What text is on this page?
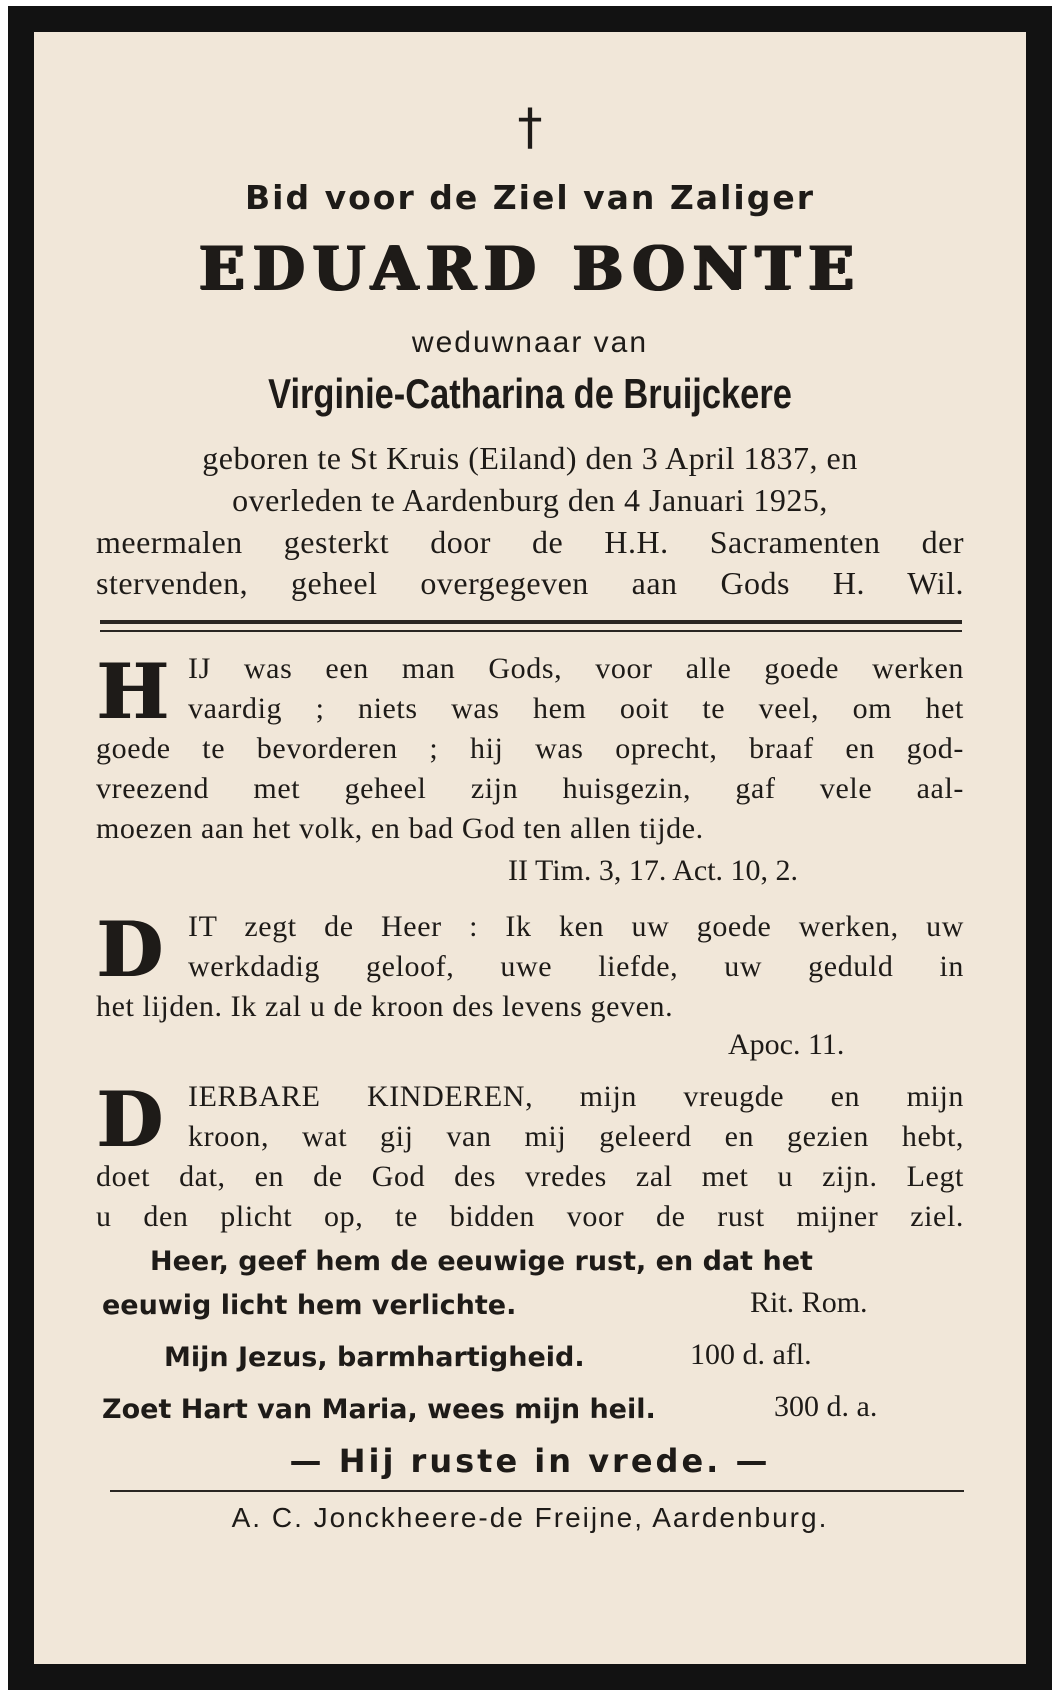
†
Bid voor de Ziel van Zaliger
EDUARD BONTE
weduwnaar van
Virginie-Catharina de Bruijckere
geboren te St Kruis (Eiland) den 3 April 1837, en
overleden te Aardenburg den 4 Januari 1925,
meermalen gesterkt door de H.H. Sacramenten der
stervenden, geheel overgegeven aan Gods H. Wil.
H IJ was een man Gods, voor alle goede werken
vaardig ; niets was hem ooit te veel, om het
goede te bevorderen ; hij was oprecht, braaf en god-
vreezend met geheel zijn huisgezin, gaf vele aal-
moezen aan het volk, en bad God ten allen tijde.
II Tim. 3, 17. Act. 10, 2.
D IT zegt de Heer : Ik ken uw goede werken, uw
werkdadig geloof, uwe liefde, uw geduld in
het lijden. Ik zal u de kroon des levens geven.
Apoc. 11.
D IERBARE KINDEREN, mijn vreugde en mijn
kroon, wat gij van mij geleerd en gezien hebt,
doet dat, en de God des vredes zal met u zijn. Legt
u den plicht op, te bidden voor de rust mijner ziel.
Heer, geef hem de eeuwige rust, en dat het
eeuwig licht hem verlichte.	Rit. Rom.
Mijn Jezus, barmhartigheid.	100 d. afl.
Zoet Hart van Maria, wees mijn heil.	300 d. a.
— Hij ruste in vrede. —
A. C. Jonckheere-de Freijne, Aardenburg.
